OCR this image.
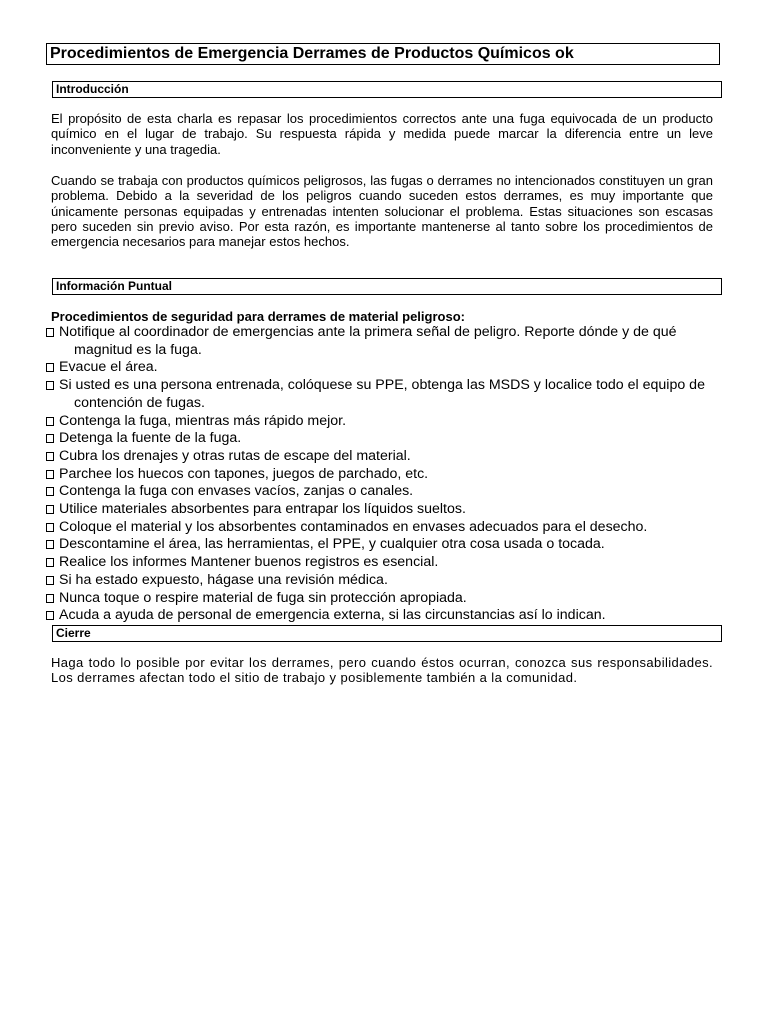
Procedimientos de Emergencia Derrames de Productos Químicos ok
Introducción

El propósito de esta charla es repasar los procedimientos correctos ante una fuga equivocada de un producto químico en el lugar de trabajo. Su respuesta rápida y medida puede marcar la diferencia entre un leve inconveniente y una tragedia.

Cuando se trabaja con productos químicos peligrosos, las fugas o derrames no intencionados constituyen un gran problema. Debido a la severidad de los peligros cuando suceden estos derrames, es muy importante que únicamente personas equipadas y entrenadas intenten solucionar el problema. Estas situaciones son escasas pero suceden sin previo aviso. Por esta razón, es importante mantenerse al tanto sobre los procedimientos de emergencia necesarios para manejar estos hechos.

Información Puntual
Procedimientos de seguridad para derrames de material peligroso:
Notifique al coordinador de emergencias ante la primera señal de peligro. Reporte dónde y de qué magnitud es la fuga.
Evacue el área.
Si usted es una persona entrenada, colóquese su PPE, obtenga las MSDS y localice todo el equipo de contención de fugas.
Contenga la fuga, mientras más rápido mejor.
Detenga la fuente de la fuga.
Cubra los drenajes y otras rutas de escape del material.
Parchee los huecos con tapones, juegos de parchado, etc.
Contenga la fuga con envases vacíos, zanjas o canales.
Utilice materiales absorbentes para entrapar los líquidos sueltos.
Coloque el material y los absorbentes contaminados en envases adecuados para el desecho.
Descontamine el área, las herramientas, el PPE, y cualquier otra cosa usada o tocada.
Realice los informes Mantener buenos registros es esencial.
Si ha estado expuesto, hágase una revisión médica.
Nunca toque o respire material de fuga sin protección apropiada.
Acuda a ayuda de personal de emergencia externa, si las circunstancias así lo indican.
Cierre

Haga todo lo posible por evitar los derrames, pero cuando éstos ocurran, conozca sus responsabilidades. Los derrames afectan todo el sitio de trabajo y posiblemente también a la comunidad.
